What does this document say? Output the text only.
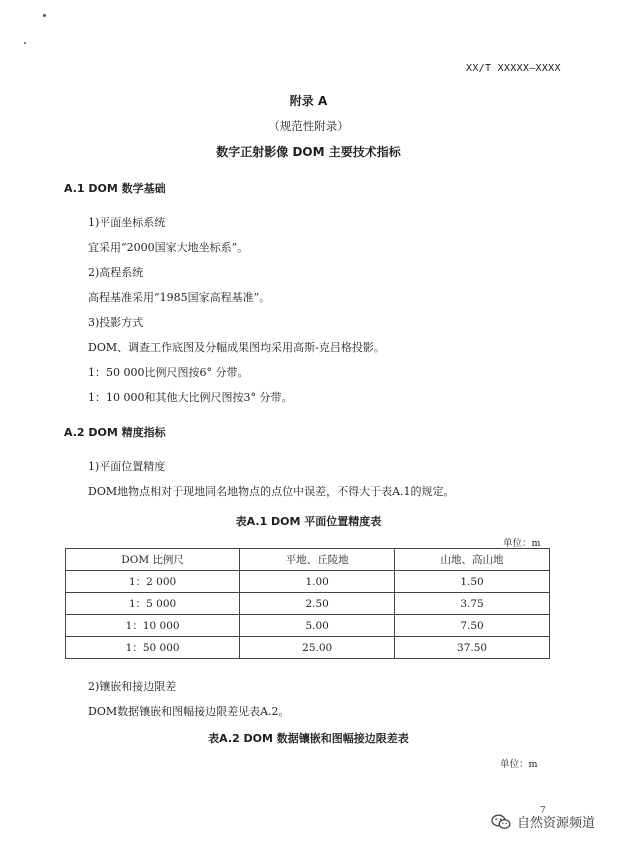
XX/T XXXXX—XXXX
附录 A
（规范性附录）
数字正射影像 DOM 主要技术指标
A.1 DOM 数学基础
1)平面坐标系统
宜采用“2000国家大地坐标系”。
2)高程系统
高程基准采用“1985国家高程基准”。
3)投影方式
DOM、调查工作底图及分幅成果图均采用高斯-克吕格投影。
1：50 000比例尺图按6° 分带。
1：10 000和其他大比例尺图按3° 分带。
A.2 DOM 精度指标
1)平面位置精度
DOM地物点相对于现地同名地物点的点位中误差，不得大于表A.1的规定。
表A.1 DOM 平面位置精度表
单位：m
DOM 比例尺	平地、丘陵地	山地、高山地
1：2 000	1.00	1.50
1：5 000	2.50	3.75
1：10 000	5.00	7.50
1：50 000	25.00	37.50
2)镶嵌和接边限差
DOM数据镶嵌和图幅接边限差见表A.2。
表A.2 DOM 数据镶嵌和图幅接边限差表
单位：m
7
自然资源频道
